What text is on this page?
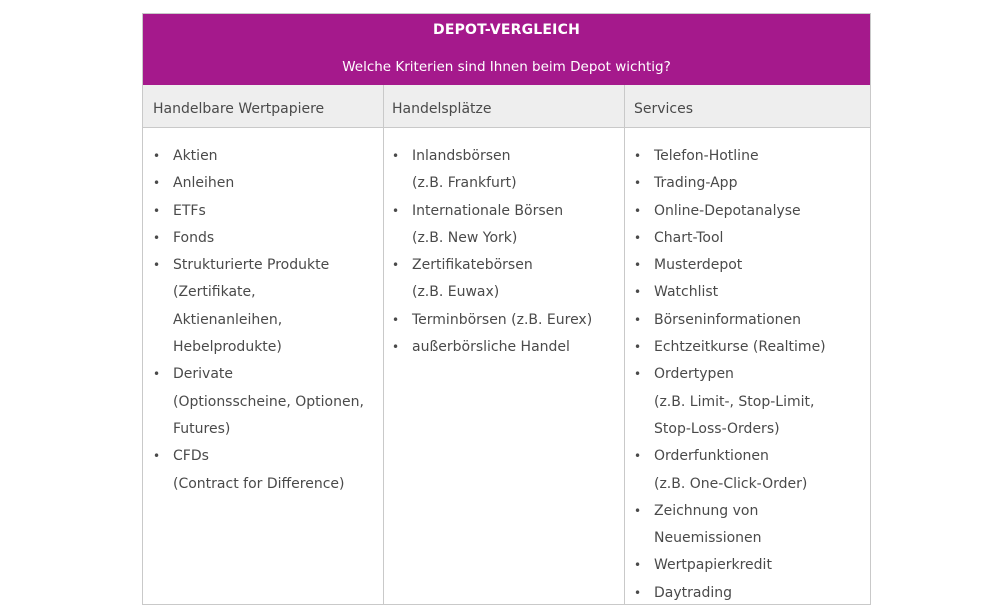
DEPOT-VERGLEICH
Welche Kriterien sind Ihnen beim Depot wichtig?
Handelbare Wertpapiere	Handelsplätze	Services
• Aktien
• Anleihen
• ETFs
• Fonds
• Strukturierte Produkte
(Zertifikate,
Aktienanleihen,
Hebelprodukte)
• Derivate
(Optionsscheine, Optionen,
Futures)
• CFDs
(Contract for Difference)
• Inlandsbörsen
(z.B. Frankfurt)
• Internationale Börsen
(z.B. New York)
• Zertifikatebörsen
(z.B. Euwax)
• Terminbörsen (z.B. Eurex)
• außerbörsliche Handel
• Telefon-Hotline
• Trading-App
• Online-Depotanalyse
• Chart-Tool
• Musterdepot
• Watchlist
• Börseninformationen
• Echtzeitkurse (Realtime)
• Ordertypen
(z.B. Limit-, Stop-Limit,
Stop-Loss-Orders)
• Orderfunktionen
(z.B. One-Click-Order)
• Zeichnung von
Neuemissionen
• Wertpapierkredit
• Daytrading
